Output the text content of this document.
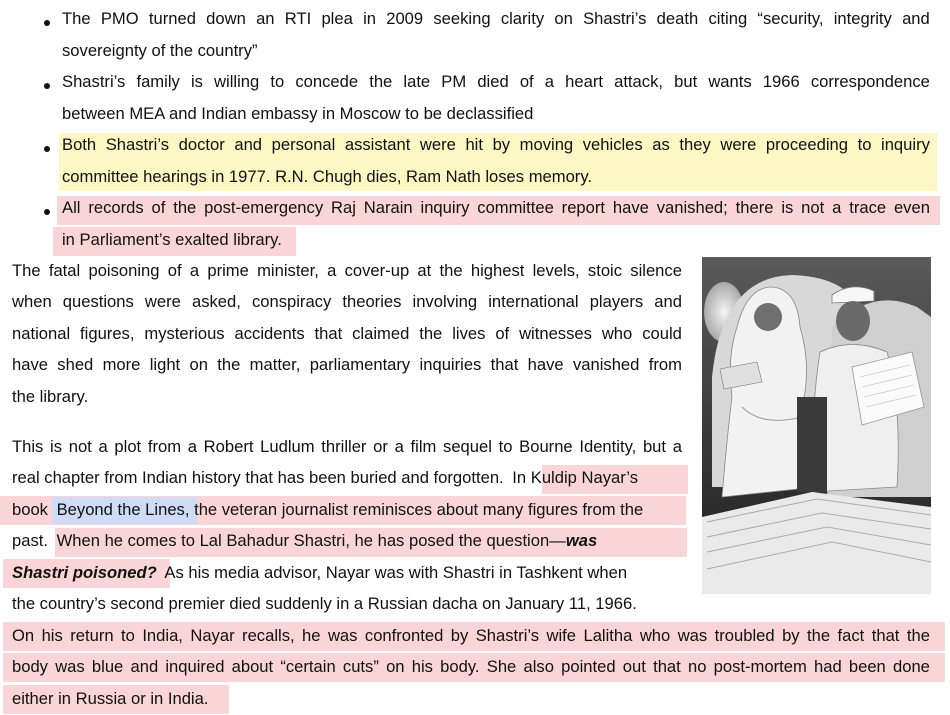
The PMO turned down an RTI plea in 2009 seeking clarity on Shastri’s death citing “security, integrity and
sovereignty of the country”
Shastri’s family is willing to concede the late PM died of a heart attack, but wants 1966 correspondence
between MEA and Indian embassy in Moscow to be declassified
Both Shastri’s doctor and personal assistant were hit by moving vehicles as they were proceeding to inquiry
committee hearings in 1977. R.N. Chugh dies, Ram Nath loses memory.
All records of the post-emergency Raj Narain inquiry committee report have vanished; there is not a trace even
in Parliament’s exalted library.
The fatal poisoning of a prime minister, a cover-up at the highest levels, stoic silence
when questions were asked, conspiracy theories involving international players and
national figures, mysterious accidents that claimed the lives of witnesses who could
have shed more light on the matter, parliamentary inquiries that have vanished from
the library.
This is not a plot from a Robert Ludlum thriller or a film sequel to Bourne Identity, but a
real chapter from Indian history that has been buried and forgotten. In Kuldip Nayar’s
book Beyond the Lines, the veteran journalist reminisces about many figures from the
past. When he comes to Lal Bahadur Shastri, he has posed the question—was
Shastri poisoned? As his media advisor, Nayar was with Shastri in Tashkent when
the country’s second premier died suddenly in a Russian dacha on January 11, 1966.
On his return to India, Nayar recalls, he was confronted by Shastri’s wife Lalitha who was troubled by the fact that the
body was blue and inquired about “certain cuts” on his body. She also pointed out that no post-mortem had been done
either in Russia or in India.
